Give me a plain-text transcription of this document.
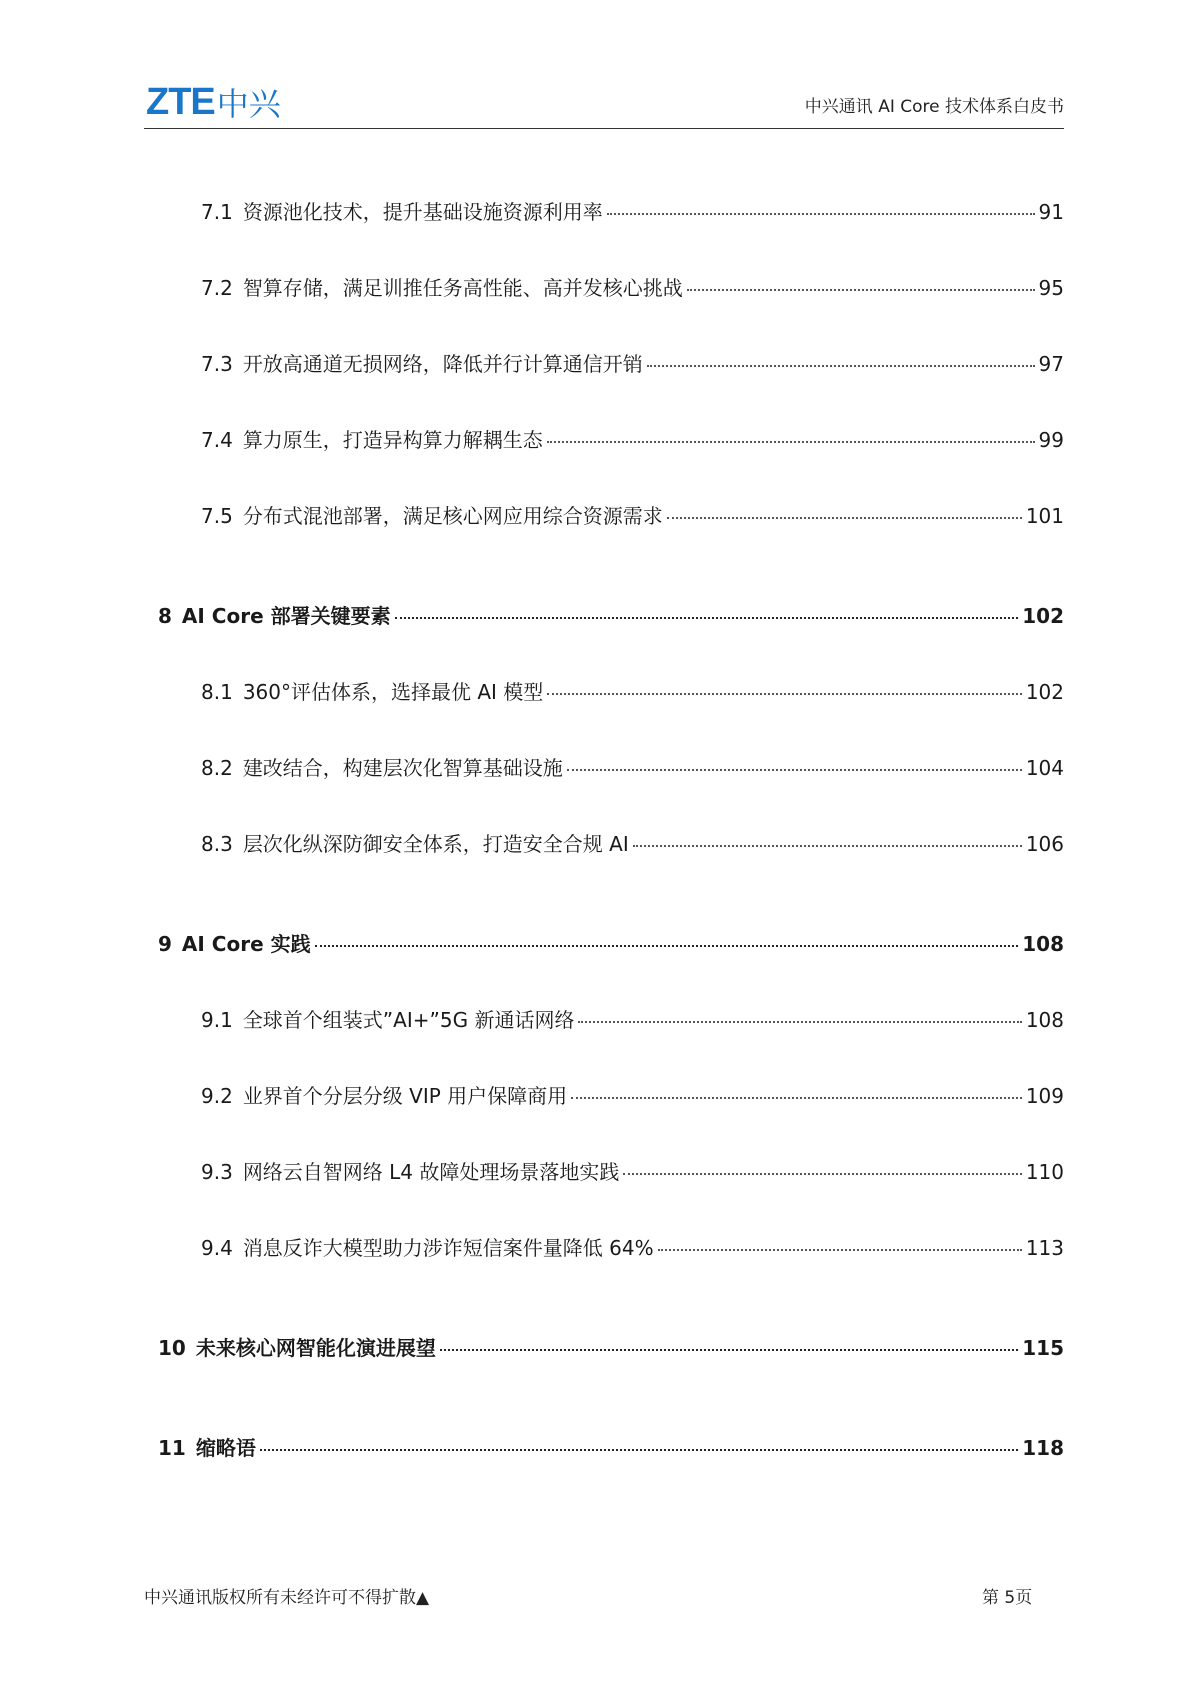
ZTE 中兴	中兴通讯 AI Core 技术体系白皮书
7.1 资源池化技术，提升基础设施资源利用率	91
7.2 智算存储，满足训推任务高性能、高并发核心挑战	95
7.3 开放高通道无损网络，降低并行计算通信开销	97
7.4 算力原生，打造异构算力解耦生态	99
7.5 分布式混池部署，满足核心网应用综合资源需求	101
8 AI Core 部署关键要素	102
8.1 360°评估体系，选择最优 AI 模型	102
8.2 建改结合，构建层次化智算基础设施	104
8.3 层次化纵深防御安全体系，打造安全合规 AI	106
9 AI Core 实践	108
9.1 全球首个组装式”AI+”5G 新通话网络	108
9.2 业界首个分层分级 VIP 用户保障商用	109
9.3 网络云自智网络 L4 故障处理场景落地实践	110
9.4 消息反诈大模型助力涉诈短信案件量降低 64%	113
10 未来核心网智能化演进展望	115
11 缩略语	118
中兴通讯版权所有未经许可不得扩散▲	第 5页
